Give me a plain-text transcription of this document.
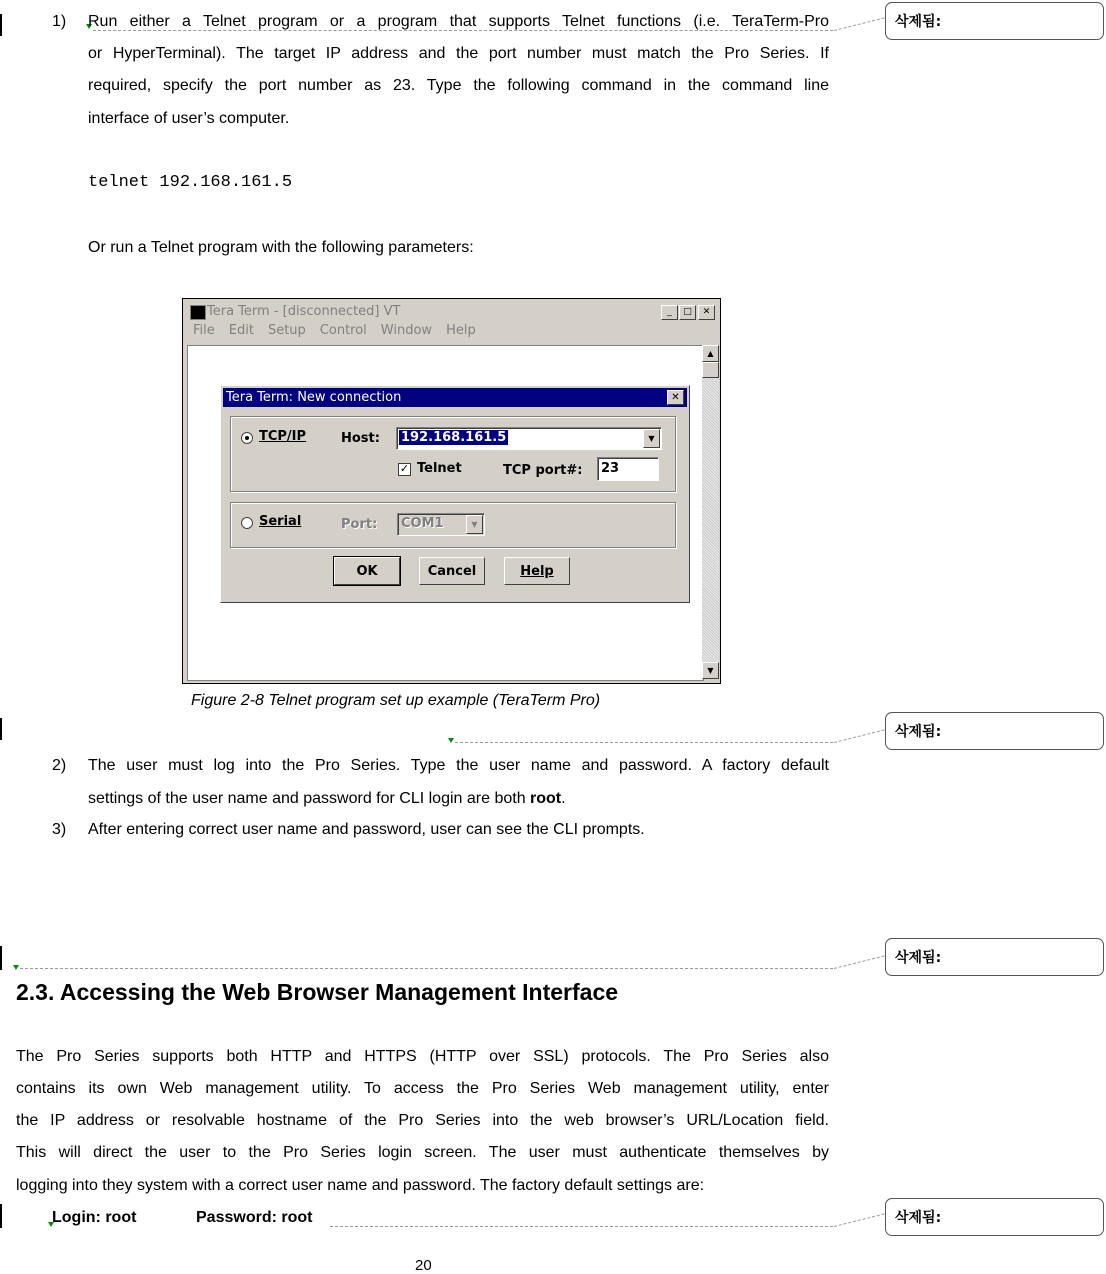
1) Run either a Telnet program or a program that supports Telnet functions (i.e. TeraTerm-Pro
or HyperTerminal). The target IP address and the port number must match the Pro Series. If
required, specify the port number as 23. Type the following command in the command line
interface of user’s computer.
telnet 192.168.161.5
Or run a Telnet program with the following parameters:
Tera Term - [disconnected] VT	_	□	✕
File Edit Setup Control Window Help
▲
▼
Tera Term: New connection	✕
TCP/IP	Host: 192.168.161.5	▼
✓ Telnet	TCP port#: 23
Serial	Port: COM1	▼
OK	Cancel	Help
Figure 2-8 Telnet program set up example (TeraTerm Pro)
2) The user must log into the Pro Series. Type the user name and password. A factory default
settings of the user name and password for CLI login are both root.
3) After entering correct user name and password, user can see the CLI prompts.
2.3. Accessing the Web Browser Management Interface
The Pro Series supports both HTTP and HTTPS (HTTP over SSL) protocols. The Pro Series also
contains its own Web management utility. To access the Pro Series Web management utility, enter
the IP address or resolvable hostname of the Pro Series into the web browser’s URL/Location field.
This will direct the user to the Pro Series login screen. The user must authenticate themselves by
logging into they system with a correct user name and password. The factory default settings are:
Login: root	Password: root
20
삭제됨:
삭제됨:
삭제됨:
삭제됨:
